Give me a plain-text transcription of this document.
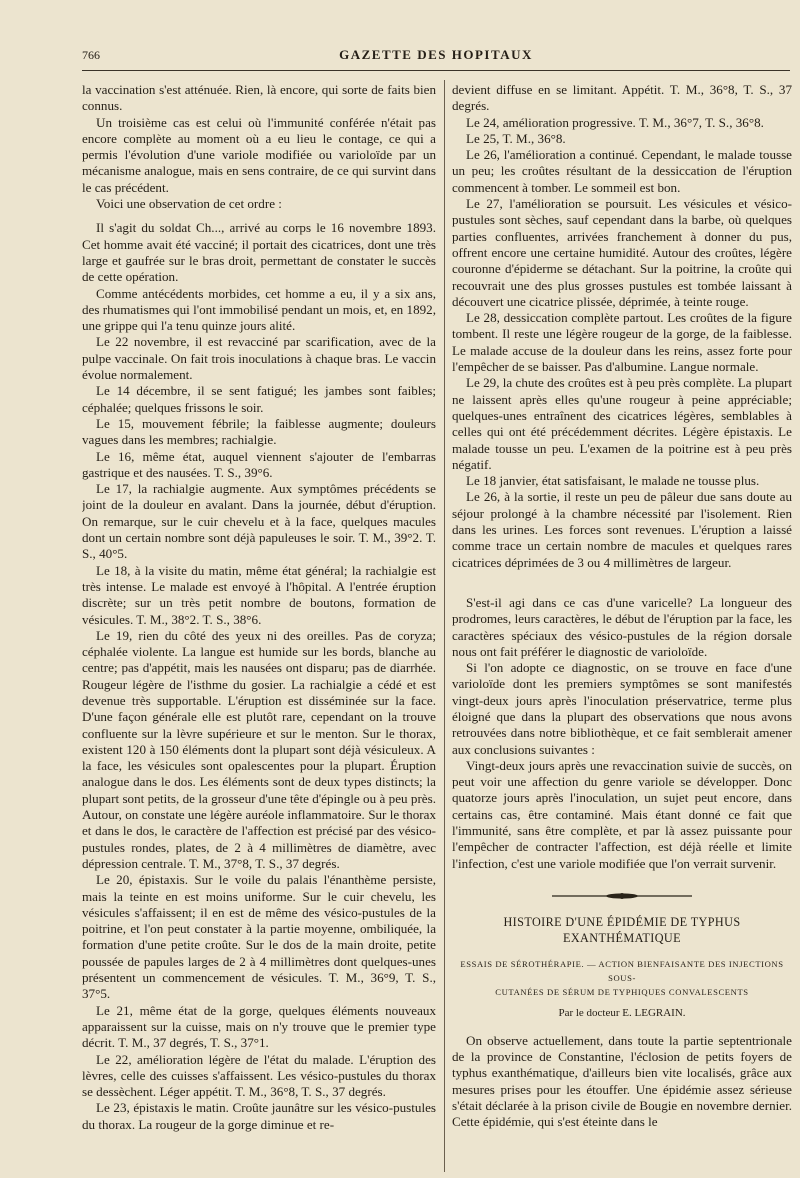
766	GAZETTE DES HOPITAUX

la vaccination s'est atténuée. Rien, là encore, qui sorte de faits bien connus.

Un troisième cas est celui où l'immunité conférée n'était pas encore complète au moment où a eu lieu le contage, ce qui a permis l'évolution d'une variole modifiée ou varioloïde par un mécanisme analogue, mais en sens contraire, de ce qui survint dans le cas précédent.

Voici une observation de cet ordre :

Il s'agit du soldat Ch..., arrivé au corps le 16 novembre 1893. Cet homme avait été vacciné; il portait des cicatrices, dont une très large et gaufrée sur le bras droit, permettant de constater le succès de cette opération.

Comme antécédents morbides, cet homme a eu, il y a six ans, des rhumatismes qui l'ont immobilisé pendant un mois, et, en 1892, une grippe qui l'a tenu quinze jours alité.

Le 22 novembre, il est revacciné par scarification, avec de la pulpe vaccinale. On fait trois inoculations à chaque bras. Le vaccin évolue normalement.

Le 14 décembre, il se sent fatigué; les jambes sont faibles; céphalée; quelques frissons le soir.

Le 15, mouvement fébrile; la faiblesse augmente; douleurs vagues dans les membres; rachialgie.

Le 16, même état, auquel viennent s'ajouter de l'embarras gastrique et des nausées. T. S., 39°6.

Le 17, la rachialgie augmente. Aux symptômes précédents se joint de la douleur en avalant. Dans la journée, début d'éruption. On remarque, sur le cuir chevelu et à la face, quelques macules dont un certain nombre sont déjà papuleuses le soir. T. M., 39°2. T. S., 40°5.

Le 18, à la visite du matin, même état général; la rachialgie est très intense. Le malade est envoyé à l'hôpital. A l'entrée éruption discrète; sur un très petit nombre de boutons, formation de vésicules. T. M., 38°2. T. S., 38°6.

Le 19, rien du côté des yeux ni des oreilles. Pas de coryza; céphalée violente. La langue est humide sur les bords, blanche au centre; pas d'appétit, mais les nausées ont disparu; pas de diarrhée. Rougeur légère de l'isthme du gosier. La rachialgie a cédé et est devenue très supportable. L'éruption est disséminée sur la face. D'une façon générale elle est plutôt rare, cependant on la trouve confluente sur la lèvre supérieure et sur le menton. Sur le thorax, existent 120 à 150 éléments dont la plupart sont déjà vésiculeux. A la face, les vésicules sont opalescentes pour la plupart. Éruption analogue dans le dos. Les éléments sont de deux types distincts; la plupart sont petits, de la grosseur d'une tête d'épingle ou à peu près. Autour, on constate une légère auréole inflammatoire. Sur le thorax et dans le dos, le caractère de l'affection est précisé par des vésico-pustules rondes, plates, de 2 à 4 millimètres de diamètre, avec dépression centrale. T. M., 37°8, T. S., 37 degrés.

Le 20, épistaxis. Sur le voile du palais l'énanthème persiste, mais la teinte en est moins uniforme. Sur le cuir chevelu, les vésicules s'affaissent; il en est de même des vésico-pustules de la poitrine, et l'on peut constater à la partie moyenne, ombiliquée, la formation d'une petite croûte. Sur le dos de la main droite, petite poussée de papules larges de 2 à 4 millimètres dont quelques-unes présentent un commencement de vésicules. T. M., 36°9, T. S., 37°5.

Le 21, même état de la gorge, quelques éléments nouveaux apparaissent sur la cuisse, mais on n'y trouve que le premier type décrit. T. M., 37 degrés, T. S., 37°1.

Le 22, amélioration légère de l'état du malade. L'éruption des lèvres, celle des cuisses s'affaissent. Les vésico-pustules du thorax se dessèchent. Léger appétit. T. M., 36°8, T. S., 37 degrés.

Le 23, épistaxis le matin. Croûte jaunâtre sur les vésico-pustules du thorax. La rougeur de la gorge diminue et re-

devient diffuse en se limitant. Appétit. T. M., 36°8, T. S., 37 degrés.

Le 24, amélioration progressive. T. M., 36°7, T. S., 36°8.

Le 25, T. M., 36°8.

Le 26, l'amélioration a continué. Cependant, le malade tousse un peu; les croûtes résultant de la dessiccation de l'éruption commencent à tomber. Le sommeil est bon.

Le 27, l'amélioration se poursuit. Les vésicules et vésico-pustules sont sèches, sauf cependant dans la barbe, où quelques parties confluentes, arrivées franchement à donner du pus, offrent encore une certaine humidité. Autour des croûtes, légère couronne d'épiderme se détachant. Sur la poitrine, la croûte qui recouvrait une des plus grosses pustules est tombée laissant à découvert une cicatrice plissée, déprimée, à teinte rouge.

Le 28, dessiccation complète partout. Les croûtes de la figure tombent. Il reste une légère rougeur de la gorge, de la faiblesse. Le malade accuse de la douleur dans les reins, assez forte pour l'empêcher de se baisser. Pas d'albumine. Langue normale.

Le 29, la chute des croûtes est à peu près complète. La plupart ne laissent après elles qu'une rougeur à peine appréciable; quelques-unes entraînent des cicatrices légères, semblables à celles qui ont été précédemment décrites. Légère épistaxis. Le malade tousse un peu. L'examen de la poitrine est à peu près négatif.

Le 18 janvier, état satisfaisant, le malade ne tousse plus.

Le 26, à la sortie, il reste un peu de pâleur due sans doute au séjour prolongé à la chambre nécessité par l'isolement. Rien dans les urines. Les forces sont revenues. L'éruption a laissé comme trace un certain nombre de macules et quelques rares cicatrices déprimées de 3 ou 4 millimètres de largeur.

S'est-il agi dans ce cas d'une varicelle? La longueur des prodromes, leurs caractères, le début de l'éruption par la face, les caractères spéciaux des vésico-pustules de la région dorsale nous ont fait préférer le diagnostic de varioloïde.

Si l'on adopte ce diagnostic, on se trouve en face d'une varioloïde dont les premiers symptômes se sont manifestés vingt-deux jours après l'inoculation préservatrice, terme plus éloigné que dans la plupart des observations que nous avons retrouvées dans notre bibliothèque, et ce fait semblerait amener aux conclusions suivantes :

Vingt-deux jours après une revaccination suivie de succès, on peut voir une affection du genre variole se développer. Donc quatorze jours après l'inoculation, un sujet peut encore, dans certains cas, être contaminé. Mais étant donné ce fait que l'immunité, sans être complète, et par là assez puissante pour l'empêcher de contracter l'affection, est déjà réelle et limite l'infection, c'est une variole modifiée que l'on verrait survenir.

HISTOIRE D'UNE ÉPIDÉMIE DE TYPHUS EXANTHÉMATIQUE
ESSAIS DE SÉROTHÉRAPIE. — ACTION BIENFAISANTE DES INJECTIONS SOUS-
CUTANÉES DE SÉRUM DE TYPHIQUES CONVALESCENTS
Par le docteur E. LEGRAIN.

On observe actuellement, dans toute la partie septentrionale de la province de Constantine, l'éclosion de petits foyers de typhus exanthématique, d'ailleurs bien vite localisés, grâce aux mesures prises pour les étouffer. Une épidémie assez sérieuse s'était déclarée à la prison civile de Bougie en novembre dernier. Cette épidémie, qui s'est éteinte dans le
